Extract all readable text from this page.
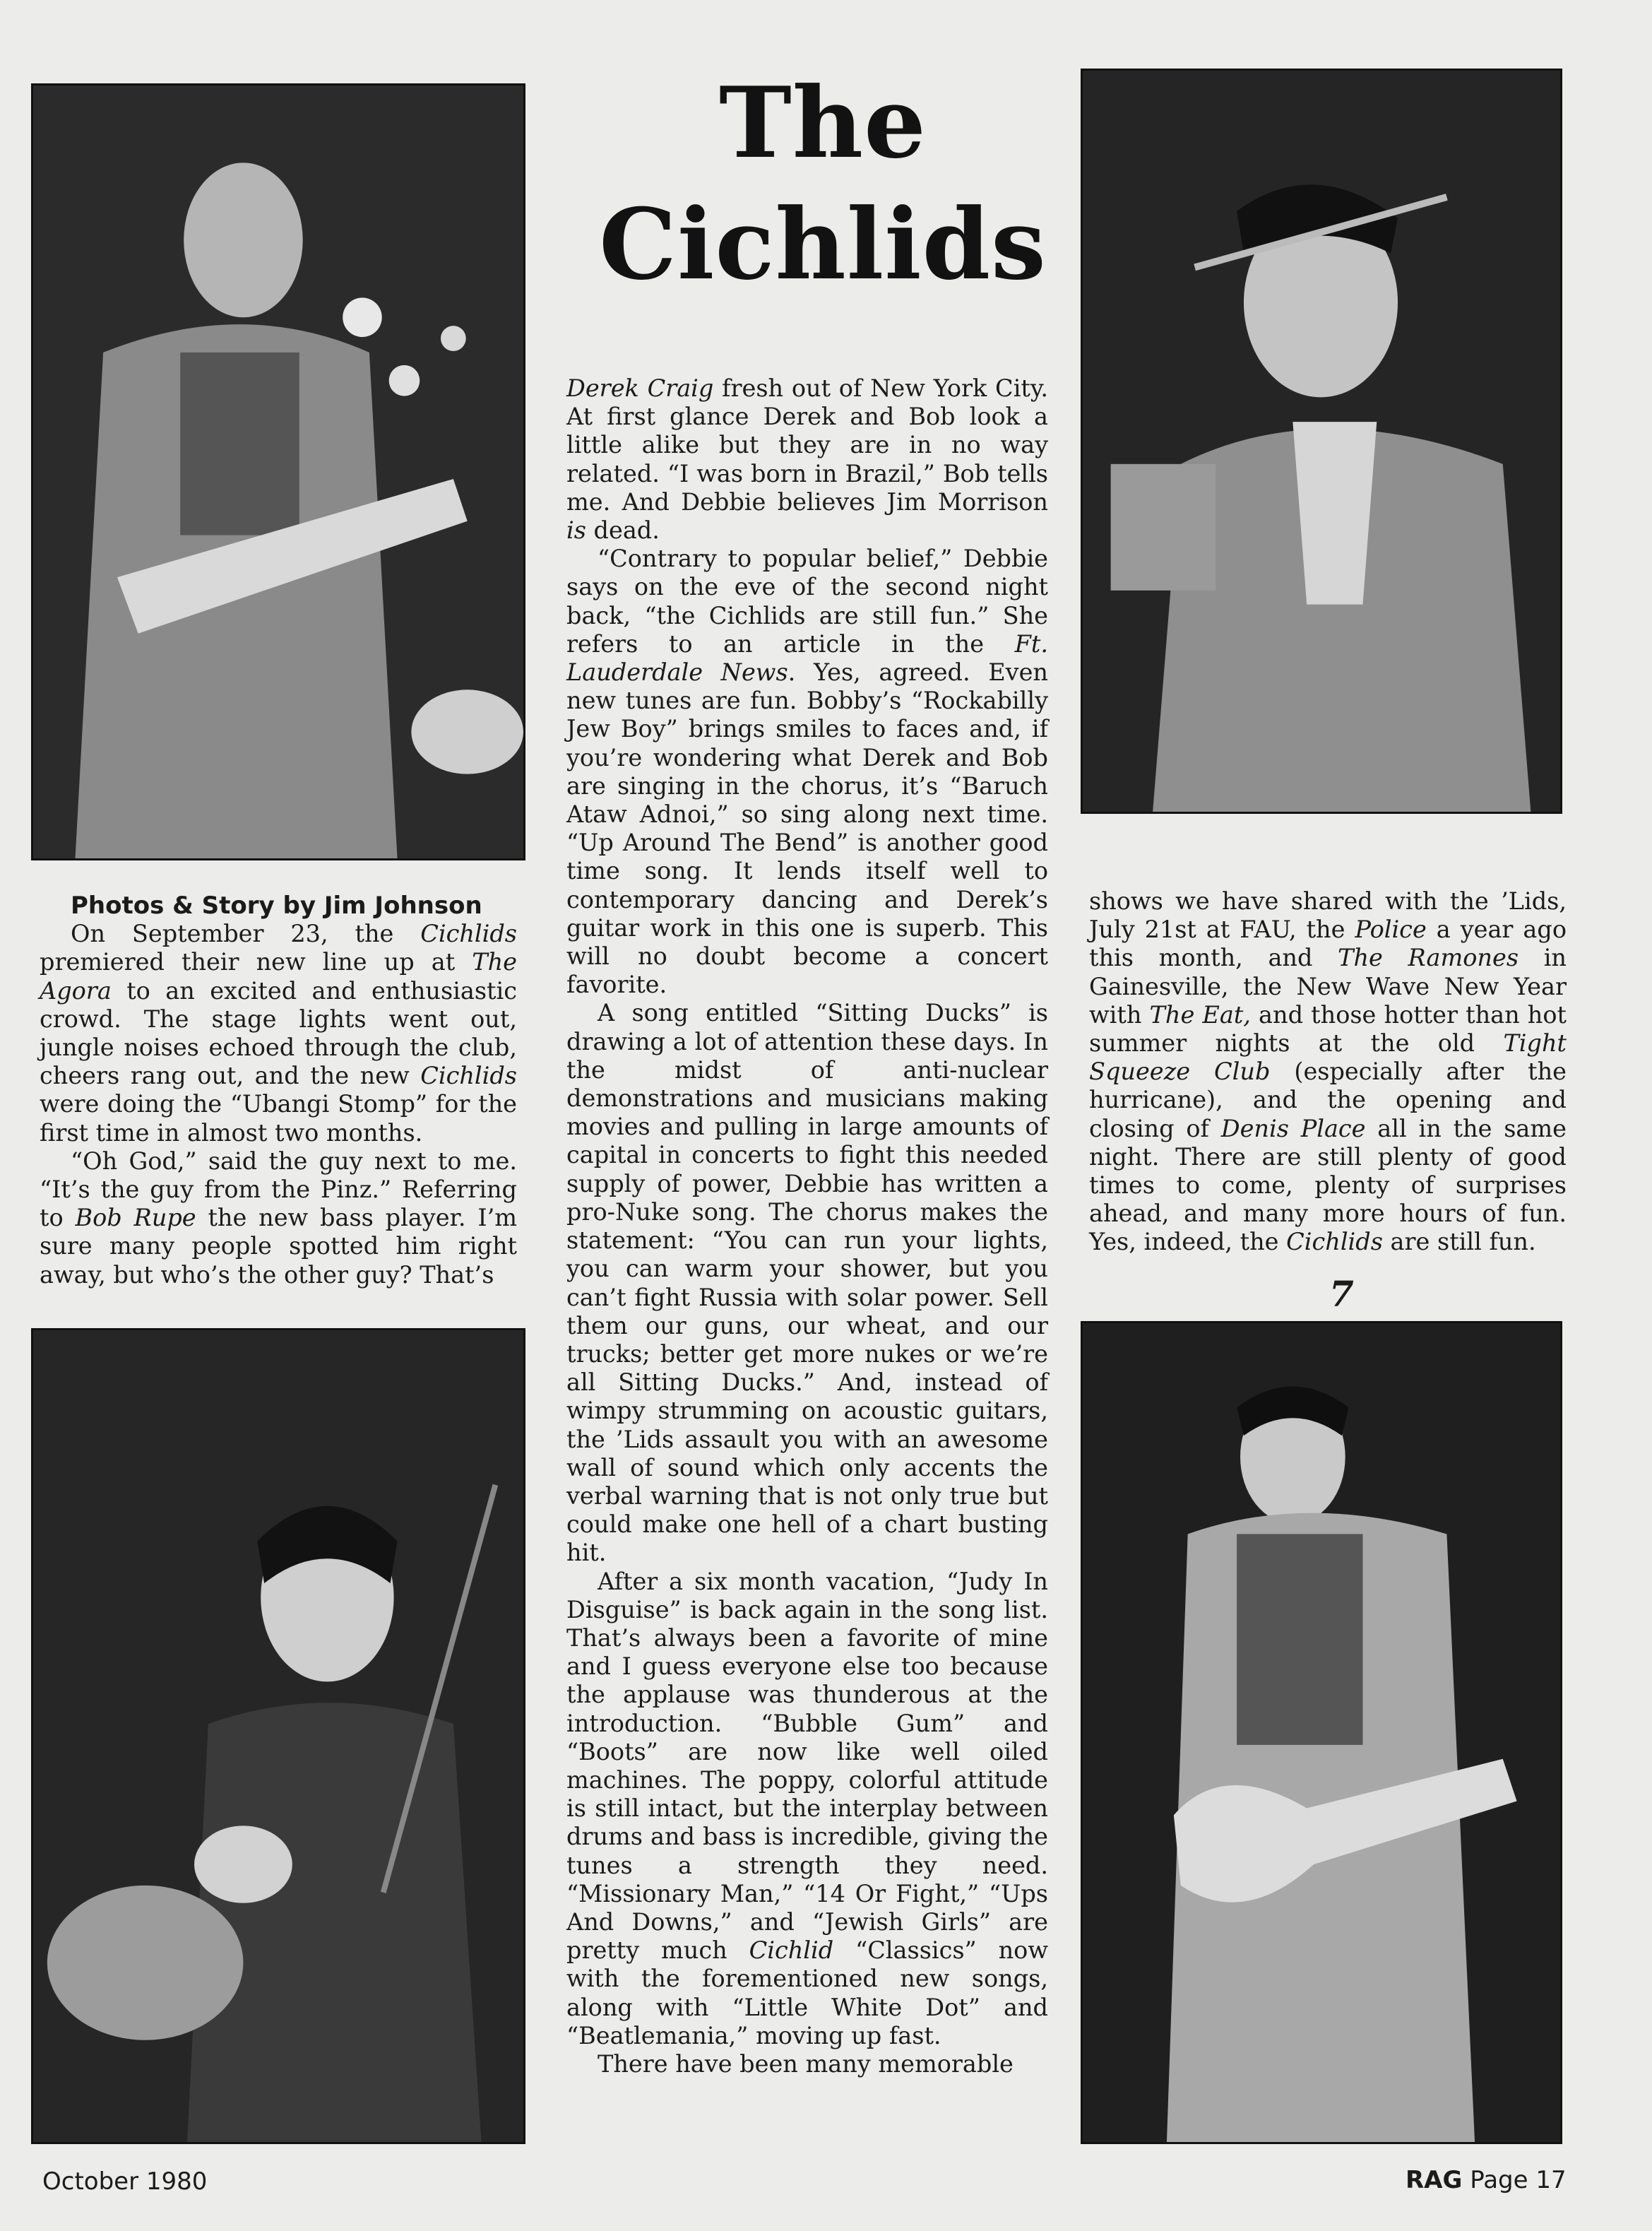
The
Cichlids

Photos & Story by Jim Johnson

On September 23, the Cichlids premiered their new line up at The Agora to an excited and enthusiastic crowd. The stage lights went out, jungle noises echoed through the club, cheers rang out, and the new Cichlids were doing the “Ubangi Stomp” for the first time in almost two months.

“Oh God,” said the guy next to me. “It’s the guy from the Pinz.” Referring to Bob Rupe the new bass player. I’m sure many people spotted him right away, but who’s the other guy? That’s

Derek Craig fresh out of New York City. At first glance Derek and Bob look a little alike but they are in no way related. “I was born in Brazil,” Bob tells me. And Debbie believes Jim Morrison is dead.

“Contrary to popular belief,” Debbie says on the eve of the second night back, “the Cichlids are still fun.” She refers to an article in the Ft. Lauderdale News. Yes, agreed. Even new tunes are fun. Bobby’s “Rockabilly Jew Boy” brings smiles to faces and, if you’re wondering what Derek and Bob are singing in the chorus, it’s “Baruch Ataw Adnoi,” so sing along next time. “Up Around The Bend” is another good time song. It lends itself well to contemporary dancing and Derek’s guitar work in this one is superb. This will no doubt become a concert favorite.

A song entitled “Sitting Ducks” is drawing a lot of attention these days. In the midst of anti-nuclear demonstrations and musicians making movies and pulling in large amounts of capital in concerts to fight this needed supply of power, Debbie has written a pro-Nuke song. The chorus makes the statement: “You can run your lights, you can warm your shower, but you can’t fight Russia with solar power. Sell them our guns, our wheat, and our trucks; better get more nukes or we’re all Sitting Ducks.” And, instead of wimpy strumming on acoustic guitars, the ’Lids assault you with an awesome wall of sound which only accents the verbal warning that is not only true but could make one hell of a chart busting hit.

After a six month vacation, “Judy In Disguise” is back again in the song list. That’s always been a favorite of mine and I guess everyone else too because the applause was thunderous at the introduction. “Bubble Gum” and “Boots” are now like well oiled machines. The poppy, colorful attitude is still intact, but the interplay between drums and bass is incredible, giving the tunes a strength they need. “Missionary Man,” “14 Or Fight,” “Ups And Downs,” and “Jewish Girls” are pretty much Cichlid “Classics” now with the forementioned new songs, along with “Little White Dot” and “Beatlemania,” moving up fast.

There have been many memorable

shows we have shared with the ’Lids, July 21st at FAU, the Police a year ago this month, and The Ramones in Gainesville, the New Wave New Year with The Eat, and those hotter than hot summer nights at the old Tight Squeeze Club (especially after the hurricane), and the opening and closing of Denis Place all in the same night. There are still plenty of good times to come, plenty of surprises ahead, and many more hours of fun. Yes, indeed, the Cichlids are still fun.

7
October 1980	RAG Page 17
